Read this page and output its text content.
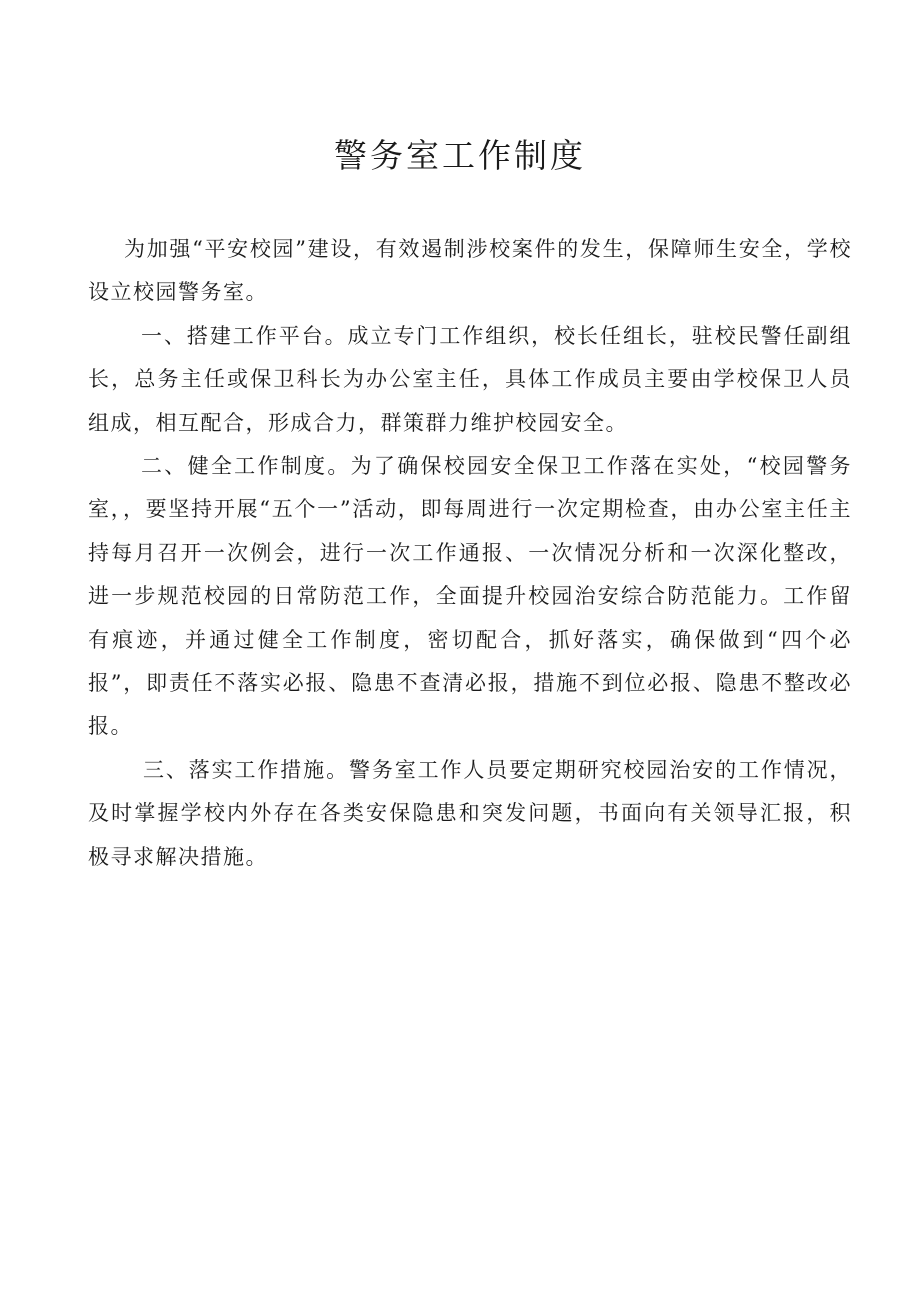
警务室工作制度

为加强“平安校园”建设，有效遏制涉校案件的发生，保障师生安全，学校设立校园警务室。

一、搭建工作平台。成立专门工作组织，校长任组长，驻校民警任副组长，总务主任或保卫科长为办公室主任，具体工作成员主要由学校保卫人员组成，相互配合，形成合力，群策群力维护校园安全。

二、健全工作制度。为了确保校园安全保卫工作落在实处，“校园警务室，，要坚持开展“五个一”活动，即每周进行一次定期检查，由办公室主任主持每月召开一次例会，进行一次工作通报、一次情况分析和一次深化整改，进一步规范校园的日常防范工作，全面提升校园治安综合防范能力。工作留有痕迹，并通过健全工作制度，密切配合，抓好落实，确保做到“四个必报”，即责任不落实必报、隐患不查清必报，措施不到位必报、隐患不整改必报。

三、落实工作措施。警务室工作人员要定期研究校园治安的工作情况，及时掌握学校内外存在各类安保隐患和突发问题，书面向有关领导汇报，积极寻求解决措施。
